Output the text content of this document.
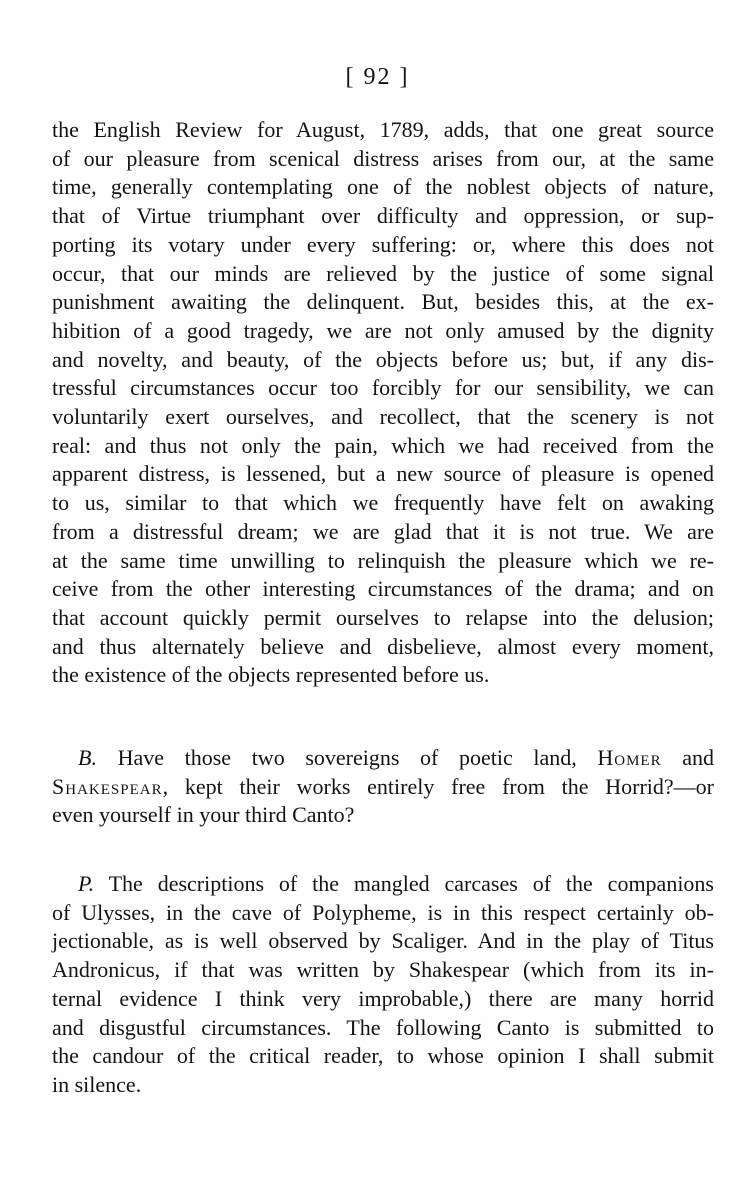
[ 92 ]
the English Review for August, 1789, adds, that one great source
of our pleasure from scenical distress arises from our, at the same
time, generally contemplating one of the noblest objects of nature,
that of Virtue triumphant over difficulty and oppression, or sup-
porting its votary under every suffering: or, where this does not
occur, that our minds are relieved by the justice of some signal
punishment awaiting the delinquent. But, besides this, at the ex-
hibition of a good tragedy, we are not only amused by the dignity
and novelty, and beauty, of the objects before us; but, if any dis-
tressful circumstances occur too forcibly for our sensibility, we can
voluntarily exert ourselves, and recollect, that the scenery is not
real: and thus not only the pain, which we had received from the
apparent distress, is lessened, but a new source of pleasure is opened
to us, similar to that which we frequently have felt on awaking
from a distressful dream; we are glad that it is not true. We are
at the same time unwilling to relinquish the pleasure which we re-
ceive from the other interesting circumstances of the drama; and on
that account quickly permit ourselves to relapse into the delusion;
and thus alternately believe and disbelieve, almost every moment,
the existence of the objects represented before us.
B. Have those two sovereigns of poetic land, Homer and
Shakespear, kept their works entirely free from the Horrid?—or
even yourself in your third Canto?
P. The descriptions of the mangled carcases of the companions
of Ulysses, in the cave of Polypheme, is in this respect certainly ob-
jectionable, as is well observed by Scaliger. And in the play of Titus
Andronicus, if that was written by Shakespear (which from its in-
ternal evidence I think very improbable,) there are many horrid
and disgustful circumstances. The following Canto is submitted to
the candour of the critical reader, to whose opinion I shall submit
in silence.
